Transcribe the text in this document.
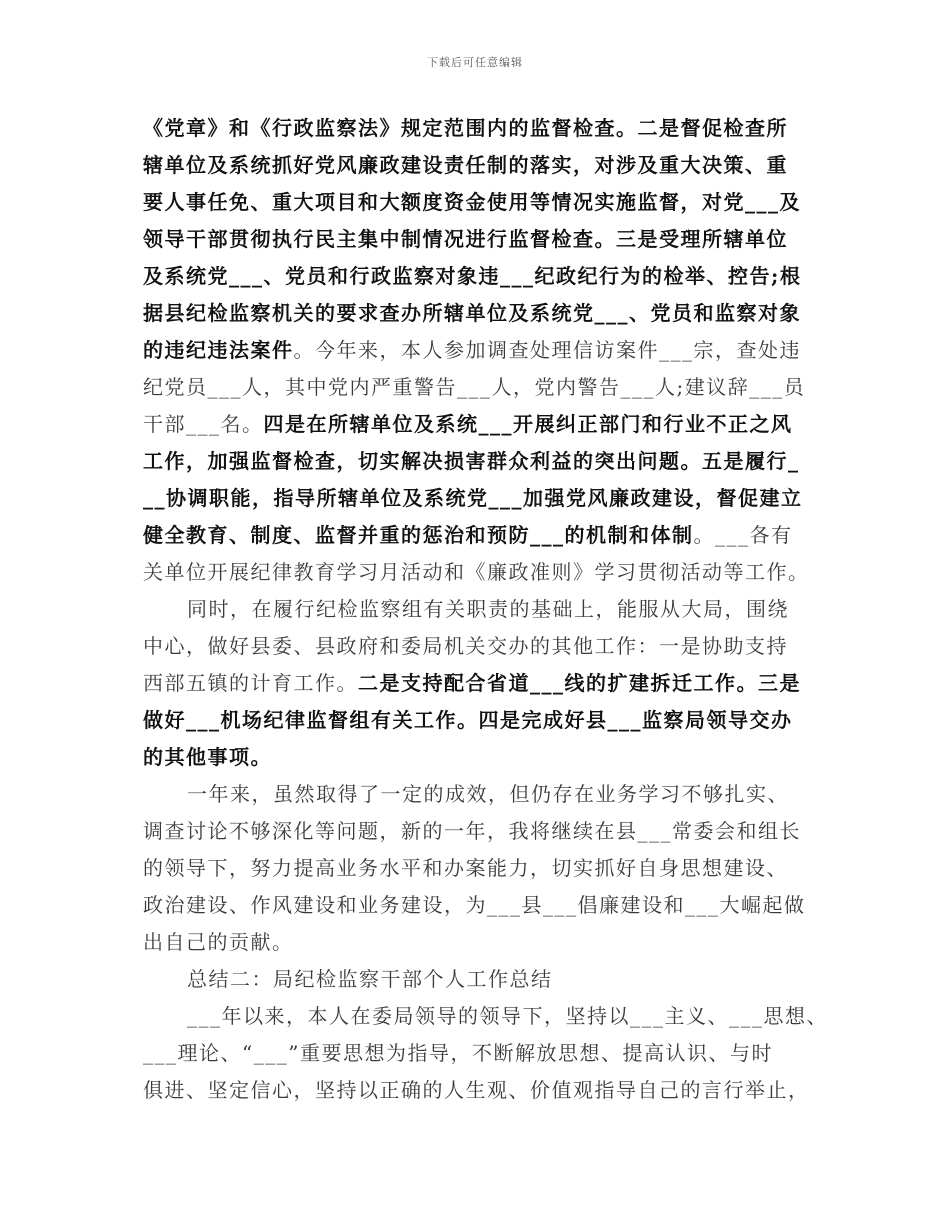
下载后可任意编辑
《党章》和《行政监察法》规定范围内的监督检查。二是督促检查所
辖单位及系统抓好党风廉政建设责任制的落实，对涉及重大决策、重
要人事任免、重大项目和大额度资金使用等情况实施监督，对党___及
领导干部贯彻执行民主集中制情况进行监督检查。三是受理所辖单位
及系统党___、党员和行政监察对象违___纪政纪行为的检举、控告;根
据县纪检监察机关的要求查办所辖单位及系统党___、党员和监察对象
的违纪违法案件。今年来，本人参加调查处理信访案件___宗，查处违
纪党员___人，其中党内严重警告___人，党内警告___人;建议辞___员
干部___名。四是在所辖单位及系统___开展纠正部门和行业不正之风
工作，加强监督检查，切实解决损害群众利益的突出问题。五是履行_
__协调职能，指导所辖单位及系统党___加强党风廉政建设，督促建立
健全教育、制度、监督并重的惩治和预防___的机制和体制。___各有
关单位开展纪律教育学习月活动和《廉政准则》学习贯彻活动等工作。
同时，在履行纪检监察组有关职责的基础上，能服从大局，围绕
中心，做好县委、县政府和委局机关交办的其他工作：一是协助支持
西部五镇的计育工作。二是支持配合省道___线的扩建拆迁工作。三是
做好___机场纪律监督组有关工作。四是完成好县___监察局领导交办
的其他事项。
一年来，虽然取得了一定的成效，但仍存在业务学习不够扎实、
调查讨论不够深化等问题，新的一年，我将继续在县___常委会和组长
的领导下，努力提高业务水平和办案能力，切实抓好自身思想建设、
政治建设、作风建设和业务建设，为___县___倡廉建设和___大崛起做
出自己的贡献。
总结二：局纪检监察干部个人工作总结
___年以来，本人在委局领导的领导下，坚持以___主义、___思想、
___理论、“___”重要思想为指导，不断解放思想、提高认识、与时
俱进、坚定信心，坚持以正确的人生观、价值观指导自己的言行举止，
